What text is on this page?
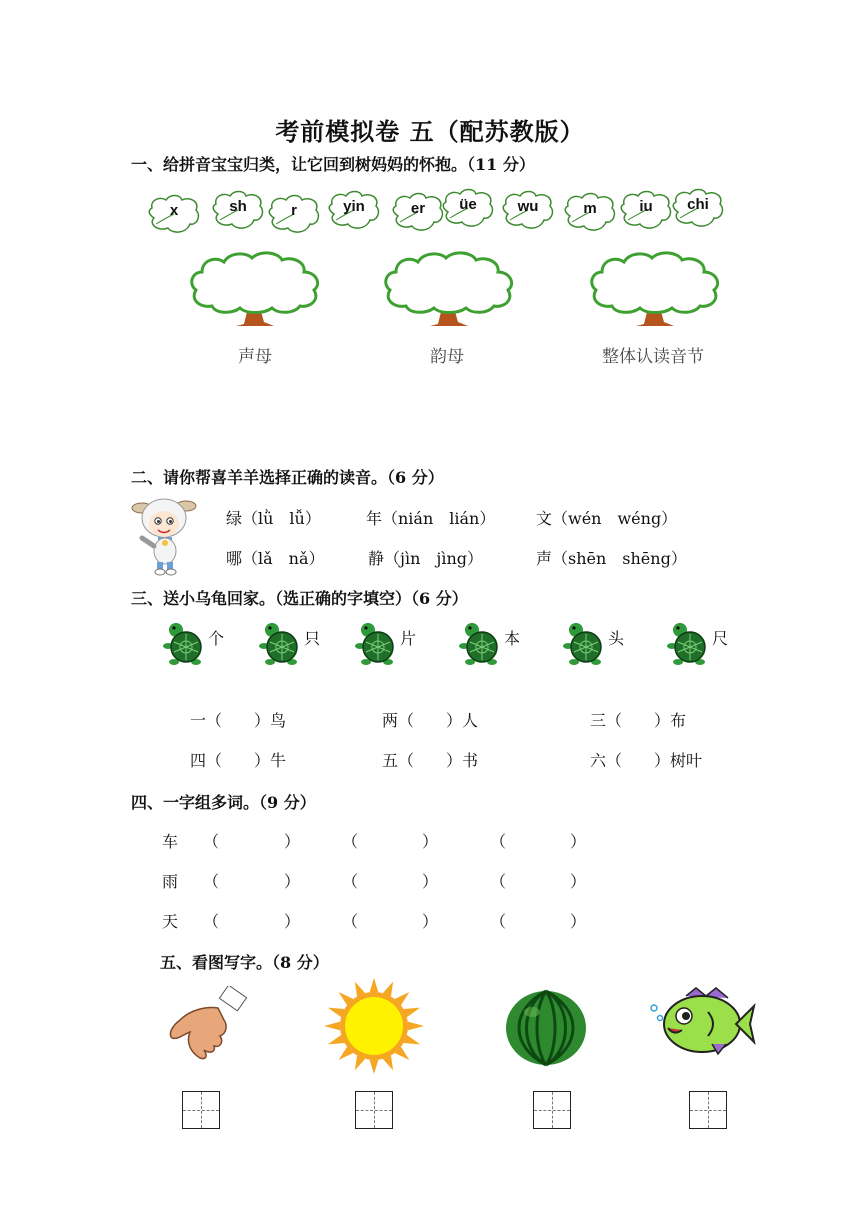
考前模拟卷 五（配苏教版）
一、给拼音宝宝归类，让它回到树妈妈的怀抱。（11 分）
x	sh	r	yin	er	üe	wu	m	iu	chi
声母	韵母	整体认读音节
二、请你帮喜羊羊选择正确的读音。（6 分）
绿（lǜ　lǚ）	年（nián　lián）	文（wén　wéng）
哪（lǎ　nǎ）	静（jìn　jìng）	声（shēn　shēng）
三、送小乌龟回家。（选正确的字填空）（6 分）
个	只	片	本	头	尺
一（　　）鸟	两（　　）人	三（　　）布
四（　　）牛	五（　　）书	六（　　）树叶
四、一字组多词。（9 分）
车 （	）	（	）	（	）
雨 （	）	（	）	（	）
天 （	）	（	）	（	）
五、看图写字。（8 分）
